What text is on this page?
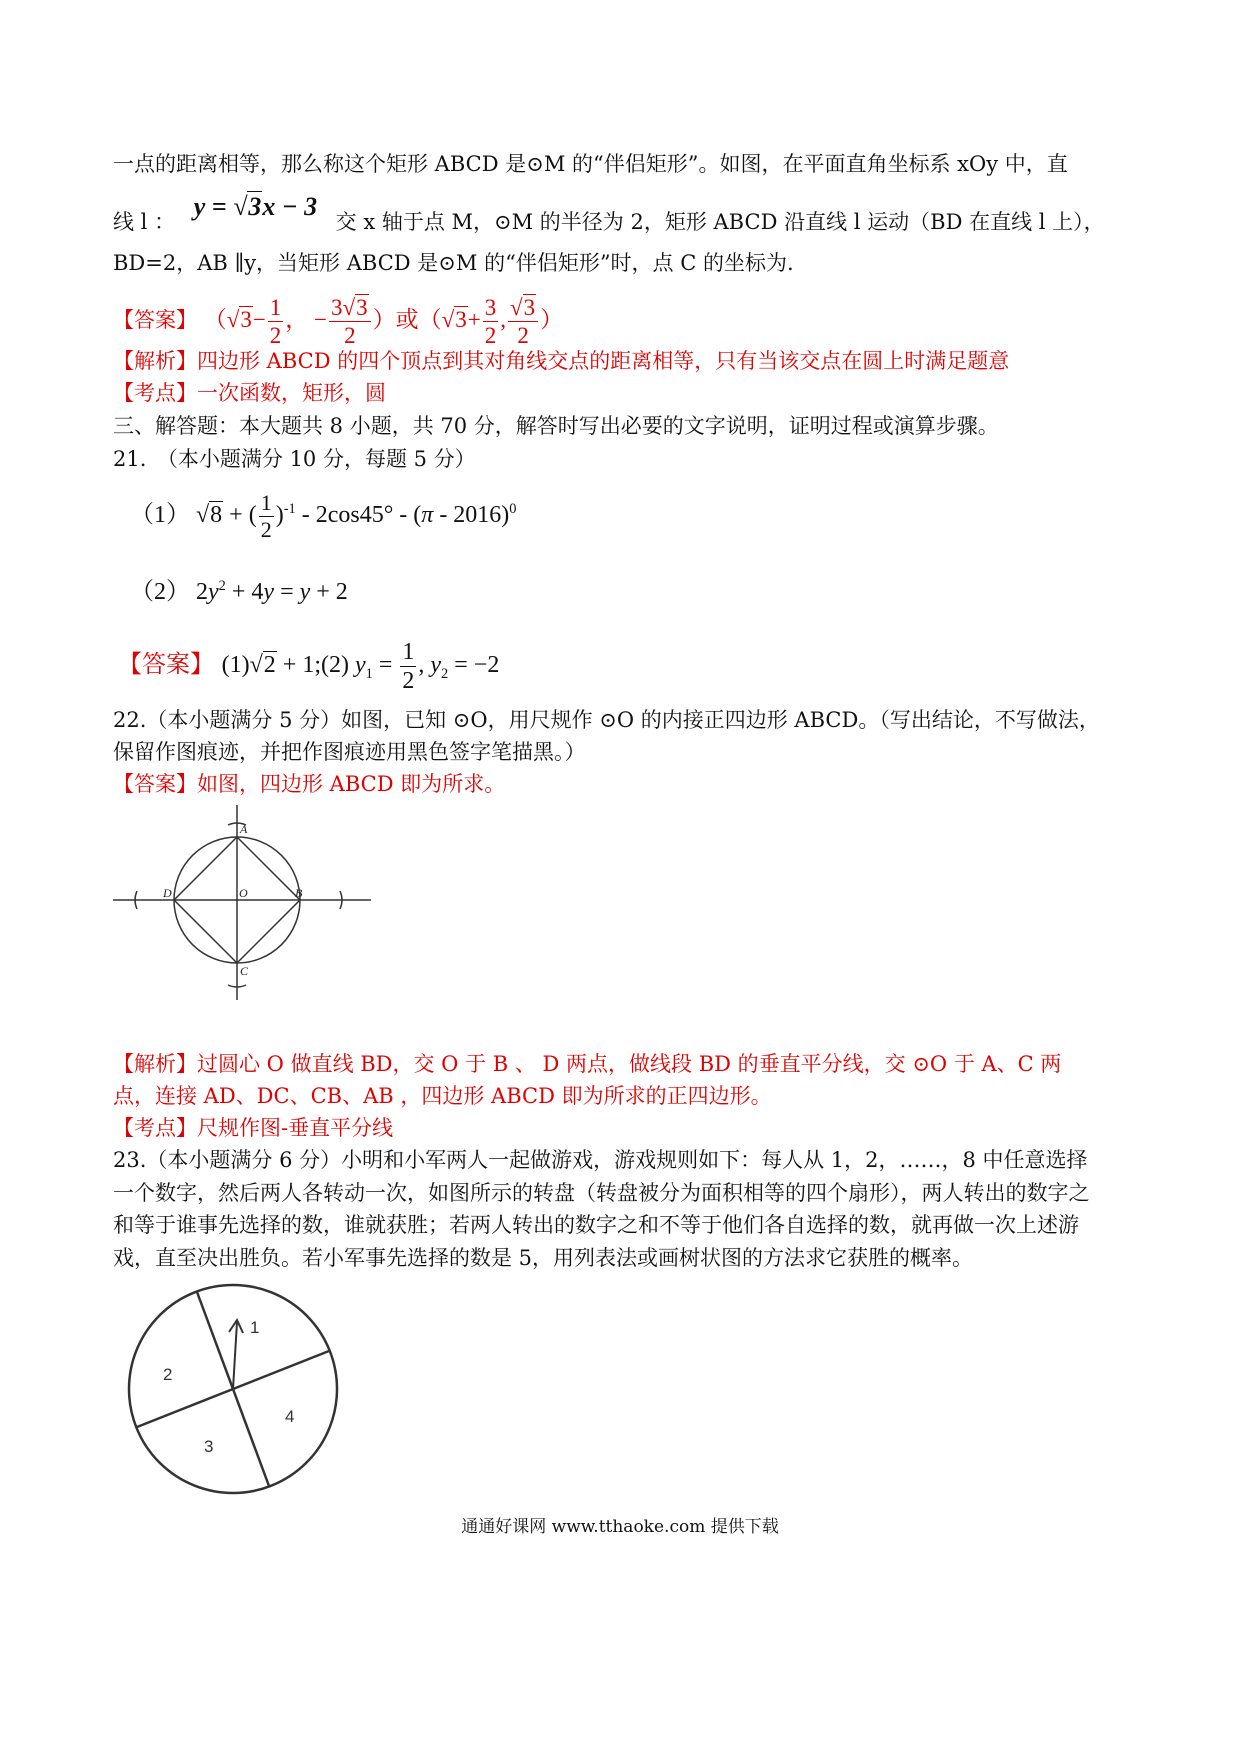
一点的距离相等，那么称这个矩形 ABCD 是⊙M 的“伴侣矩形”。如图，在平面直角坐标系 xOy 中，直
线 l ： y = √3x − 3 交 x 轴于点 M，⊙M 的半径为 2，矩形 ABCD 沿直线 l 运动（BD 在直线 l 上），
BD=2，AB ∥y，当矩形 ABCD 是⊙M 的“伴侣矩形”时，点 C 的坐标为.
【答案】 （$√3- \frac{1}{2}$ ， − $\frac{3√3}{2}$ ）或（$√3+ \frac{3}{2}$ , $\frac{√3}{2}$ ）
【解析】四边形 ABCD 的四个顶点到其对角线交点的距离相等，只有当该交点在圆上时满足题意
【考点】一次函数，矩形，圆
三、解答题：本大题共 8 小题，共 70 分，解答时写出必要的文字说明，证明过程或演算步骤。
21.　（本小题满分 10 分，每题 5 分）
（1） √8 + ( $\frac{1}{2} )^{-1} - 2\cos 45^\circ - (\pi - 2016)^0$
（2） $2y^2 + 4y = y + 2$
【答案】 (1)√2 + 1;(2) $y_1 = \frac{1}{2}$ , $y_2 = -2$
22.（本小题满分 5 分）如图，已知 ⊙O，用尺规作 ⊙O 的内接正四边形 ABCD。（写出结论，不写做法，
保留作图痕迹，并把作图痕迹用黑色签字笔描黑。）
【答案】如图，四边形 ABCD 即为所求。
A
B
C
D	O
【解析】过圆心 O 做直线 BD，交 O 于 B 、 D 两点，做线段 BD 的垂直平分线，交 ⊙O 于 A、C 两
点，连接 AD、DC、CB、AB ，四边形 ABCD 即为所求的正四边形。
【考点】尺规作图-垂直平分线
23.（本小题满分 6 分）小明和小军两人一起做游戏，游戏规则如下：每人从 1，2，……，8 中任意选择
一个数字，然后两人各转动一次，如图所示的转盘（转盘被分为面积相等的四个扇形），两人转出的数字之
和等于谁事先选择的数，谁就获胜；若两人转出的数字之和不等于他们各自选择的数，就再做一次上述游
戏，直至决出胜负。若小军事先选择的数是 5，用列表法或画树状图的方法求它获胜的概率。
1
2
3
4
通通好课网 www.tthaoke.com 提供下载
